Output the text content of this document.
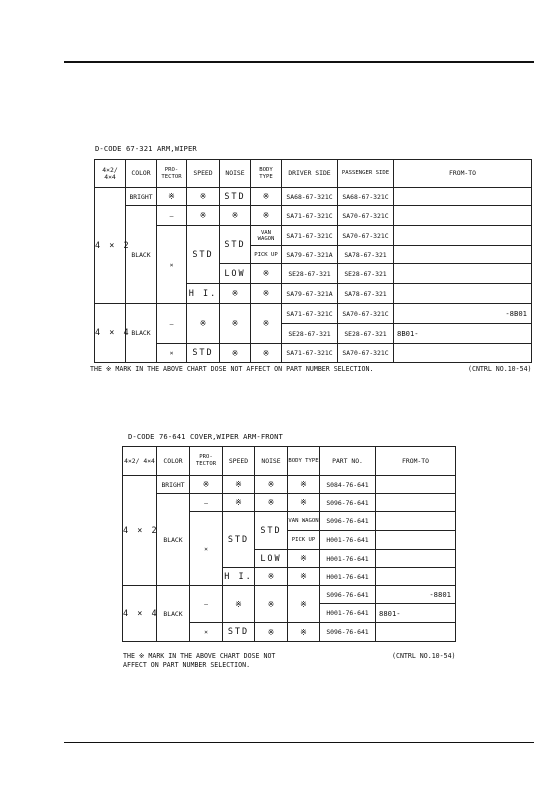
D-CODE 67-321 ARM,WIPER
4×2/ 4×4	COLOR	PRO- TECTOR	SPEED	NOISE	BODY TYPE	DRIVER SIDE	PASSENGER SIDE	FROM-TO
4 × 2	BRIGHT	※	※	STD	※	SA68-67-321C	SA68-67-321C	
	BLACK	–	※	※	※	SA71-67-321C	SA70-67-321C	
		×	STD	STD	VAN WAGON	SA71-67-321C	SA70-67-321C	
					PICK UP	SA79-67-321A	SA78-67-321	
				LOW	※	SE28-67-321	SE28-67-321	
			H I.	※	※	SA79-67-321A	SA78-67-321	
4 × 4	BLACK	–	※	※	※	SA71-67-321C	SA70-67-321C	-8B01
						SE28-67-321	SE28-67-321	8B01-
		×	STD	※	※	SA71-67-321C	SA70-67-321C	
THE ※ MARK IN THE ABOVE CHART DOSE NOT AFFECT ON PART NUMBER SELECTION.	(CNTRL NO.10-54)
D-CODE 76-641 COVER,WIPER ARM-FRONT
4×2/ 4×4	COLOR	PRO- TECTOR	SPEED	NOISE	BODY TYPE	PART NO.	FROM-TO
4 × 2	BRIGHT	※	※	※	※	S084-76-641	
	BLACK	–	※	※	※	S096-76-641	
		×	STD	STD	VAN WAGON	S096-76-641	
					PICK UP	H001-76-641	
				LOW	※	H001-76-641	
			H I.	※	※	H001-76-641	
4 × 4	BLACK	–	※	※	※	S096-76-641	-8801
						H001-76-641	8801-
		×	STD	※	※	S096-76-641	
THE ※ MARK IN THE ABOVE CHART DOSE NOT
AFFECT ON PART NUMBER SELECTION.
(CNTRL NO.10-54)
